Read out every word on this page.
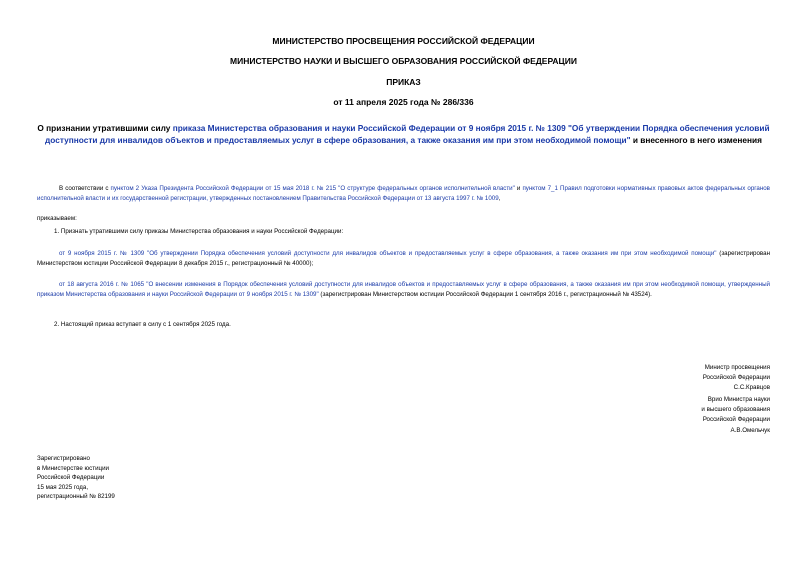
МИНИСТЕРСТВО ПРОСВЕЩЕНИЯ РОССИЙСКОЙ ФЕДЕРАЦИИ
МИНИСТЕРСТВО НАУКИ И ВЫСШЕГО ОБРАЗОВАНИЯ РОССИЙСКОЙ ФЕДЕРАЦИИ
ПРИКАЗ
от 11 апреля 2025 года № 286/336
О признании утратившими силу приказа Министерства образования и науки Российской Федерации от 9 ноября 2015 г. № 1309 "Об утверждении Порядка обеспечения условий доступности для инвалидов объектов и предоставляемых услуг в сфере образования, а также оказания им при этом необходимой помощи" и внесенного в него изменения
В соответствии с пунктом 2 Указа Президента Российской Федерации от 15 мая 2018 г. № 215 "О структуре федеральных органов исполнительной власти" и пунктом 7_1 Правил подготовки нормативных правовых актов федеральных органов исполнительной власти и их государственной регистрации, утвержденных постановлением Правительства Российской Федерации от 13 августа 1997 г. № 1009,
приказываем:
1. Признать утратившими силу приказы Министерства образования и науки Российской Федерации:
от 9 ноября 2015 г. № 1309 "Об утверждении Порядка обеспечения условий доступности для инвалидов объектов и предоставляемых услуг в сфере образования, а также оказания им при этом необходимой помощи" (зарегистрирован Министерством юстиции Российской Федерации 8 декабря 2015 г., регистрационный № 40000);
от 18 августа 2016 г. № 1065 "О внесении изменения в Порядок обеспечения условий доступности для инвалидов объектов и предоставляемых услуг в сфере образования, а также оказания им при этом необходимой помощи, утвержденный приказом Министерства образования и науки Российской Федерации от 9 ноября 2015 г. № 1309" (зарегистрирован Министерством юстиции Российской Федерации 1 сентября 2016 г., регистрационный № 43524).
2. Настоящий приказ вступает в силу с 1 сентября 2025 года.
Министр просвещения
Российской Федерации
С.С.Кравцов
Врио Министра науки
и высшего образования
Российской Федерации
А.В.Омельчук
Зарегистрировано
в Министерстве юстиции
Российской Федерации
15 мая 2025 года,
регистрационный № 82199
